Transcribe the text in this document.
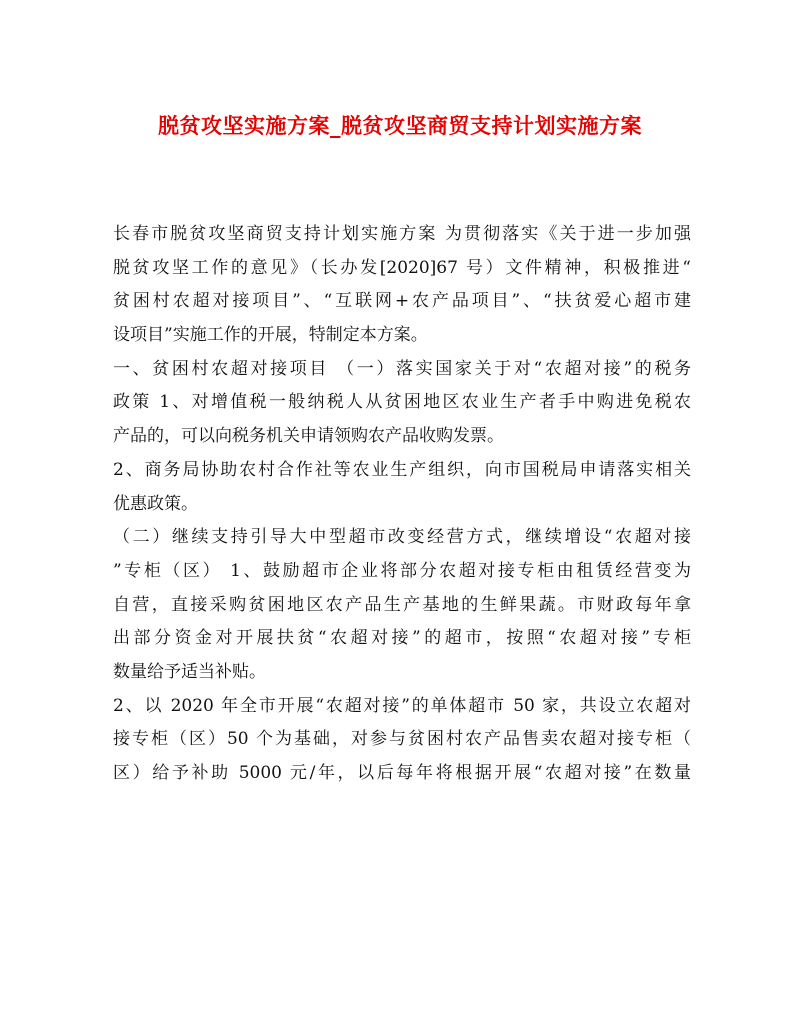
脱贫攻坚实施方案_脱贫攻坚商贸支持计划实施方案
长春市脱贫攻坚商贸支持计划实施方案 为贯彻落实《关于进一步加强
脱贫攻坚工作的意见》（长办发[2020]67 号）文件精神，积极推进“
贫困村农超对接项目”、“互联网+农产品项目”、“扶贫爱心超市建
设项目”实施工作的开展，特制定本方案。
一、贫困村农超对接项目 （一）落实国家关于对“农超对接”的税务
政策 1、对增值税一般纳税人从贫困地区农业生产者手中购进免税农
产品的，可以向税务机关申请领购农产品收购发票。
2、商务局协助农村合作社等农业生产组织，向市国税局申请落实相关
优惠政策。
（二）继续支持引导大中型超市改变经营方式，继续增设“农超对接
”专柜（区） 1、鼓励超市企业将部分农超对接专柜由租赁经营变为
自营，直接采购贫困地区农产品生产基地的生鲜果蔬。市财政每年拿
出部分资金对开展扶贫“农超对接”的超市，按照“农超对接”专柜
数量给予适当补贴。
2、以 2020 年全市开展“农超对接”的单体超市 50 家，共设立农超对
接专柜（区）50 个为基础，对参与贫困村农产品售卖农超对接专柜（
区）给予补助 5000 元/年，以后每年将根据开展“农超对接”在数量
